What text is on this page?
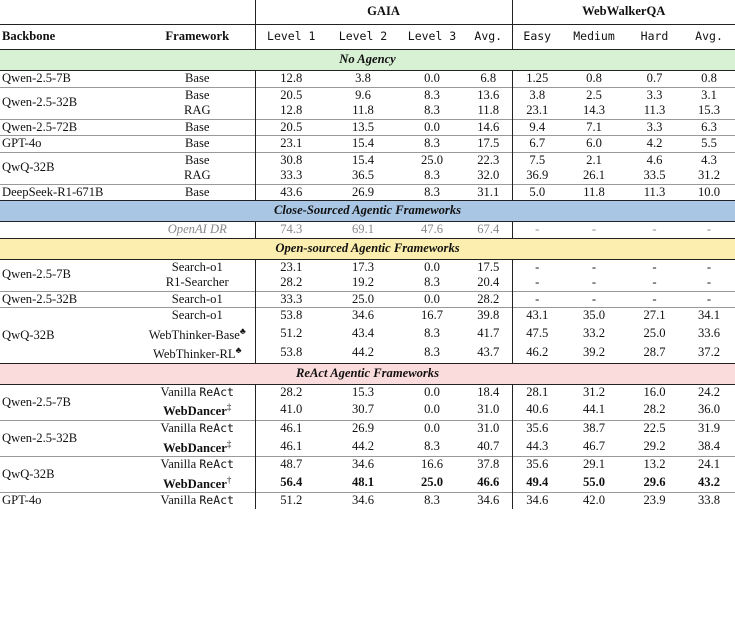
		GAIA				WebWalkerQA			
Backbone	Framework	Level 1	Level 2	Level 3	Avg.	Easy	Medium	Hard	Avg.
No Agency									
Qwen-2.5-7B	Base	12.8	3.8	0.0	6.8	1.25	0.8	0.7	0.8
Qwen-2.5-32B	Base	20.5	9.6	8.3	13.6	3.8	2.5	3.3	3.1
	RAG	12.8	11.8	8.3	11.8	23.1	14.3	11.3	15.3
Qwen-2.5-72B	Base	20.5	13.5	0.0	14.6	9.4	7.1	3.3	6.3
GPT-4o	Base	23.1	15.4	8.3	17.5	6.7	6.0	4.2	5.5
QwQ-32B	Base	30.8	15.4	25.0	22.3	7.5	2.1	4.6	4.3
	RAG	33.3	36.5	8.3	32.0	36.9	26.1	33.5	31.2
DeepSeek-R1-671B	Base	43.6	26.9	8.3	31.1	5.0	11.8	11.3	10.0
Close-Sourced Agentic Frameworks									
	OpenAI DR	74.3	69.1	47.6	67.4	-	-	-	-
Open-sourced Agentic Frameworks									
Qwen-2.5-7B	Search-o1	23.1	17.3	0.0	17.5	-	-	-	-
	R1-Searcher	28.2	19.2	8.3	20.4	-	-	-	-
Qwen-2.5-32B	Search-o1	33.3	25.0	0.0	28.2	-	-	-	-
QwQ-32B	Search-o1	53.8	34.6	16.7	39.8	43.1	35.0	27.1	34.1
	WebThinker-Base♣	51.2	43.4	8.3	41.7	47.5	33.2	25.0	33.6
	WebThinker-RL♣	53.8	44.2	8.3	43.7	46.2	39.2	28.7	37.2
ReAct Agentic Frameworks									
Qwen-2.5-7B	Vanilla ReAct	28.2	15.3	0.0	18.4	28.1	31.2	16.0	24.2
	WebDancer‡	41.0	30.7	0.0	31.0	40.6	44.1	28.2	36.0
Qwen-2.5-32B	Vanilla ReAct	46.1	26.9	0.0	31.0	35.6	38.7	22.5	31.9
	WebDancer‡	46.1	44.2	8.3	40.7	44.3	46.7	29.2	38.4
QwQ-32B	Vanilla ReAct	48.7	34.6	16.6	37.8	35.6	29.1	13.2	24.1
	WebDancer†	56.4	48.1	25.0	46.6	49.4	55.0	29.6	43.2
GPT-4o	Vanilla ReAct	51.2	34.6	8.3	34.6	34.6	42.0	23.9	33.8
